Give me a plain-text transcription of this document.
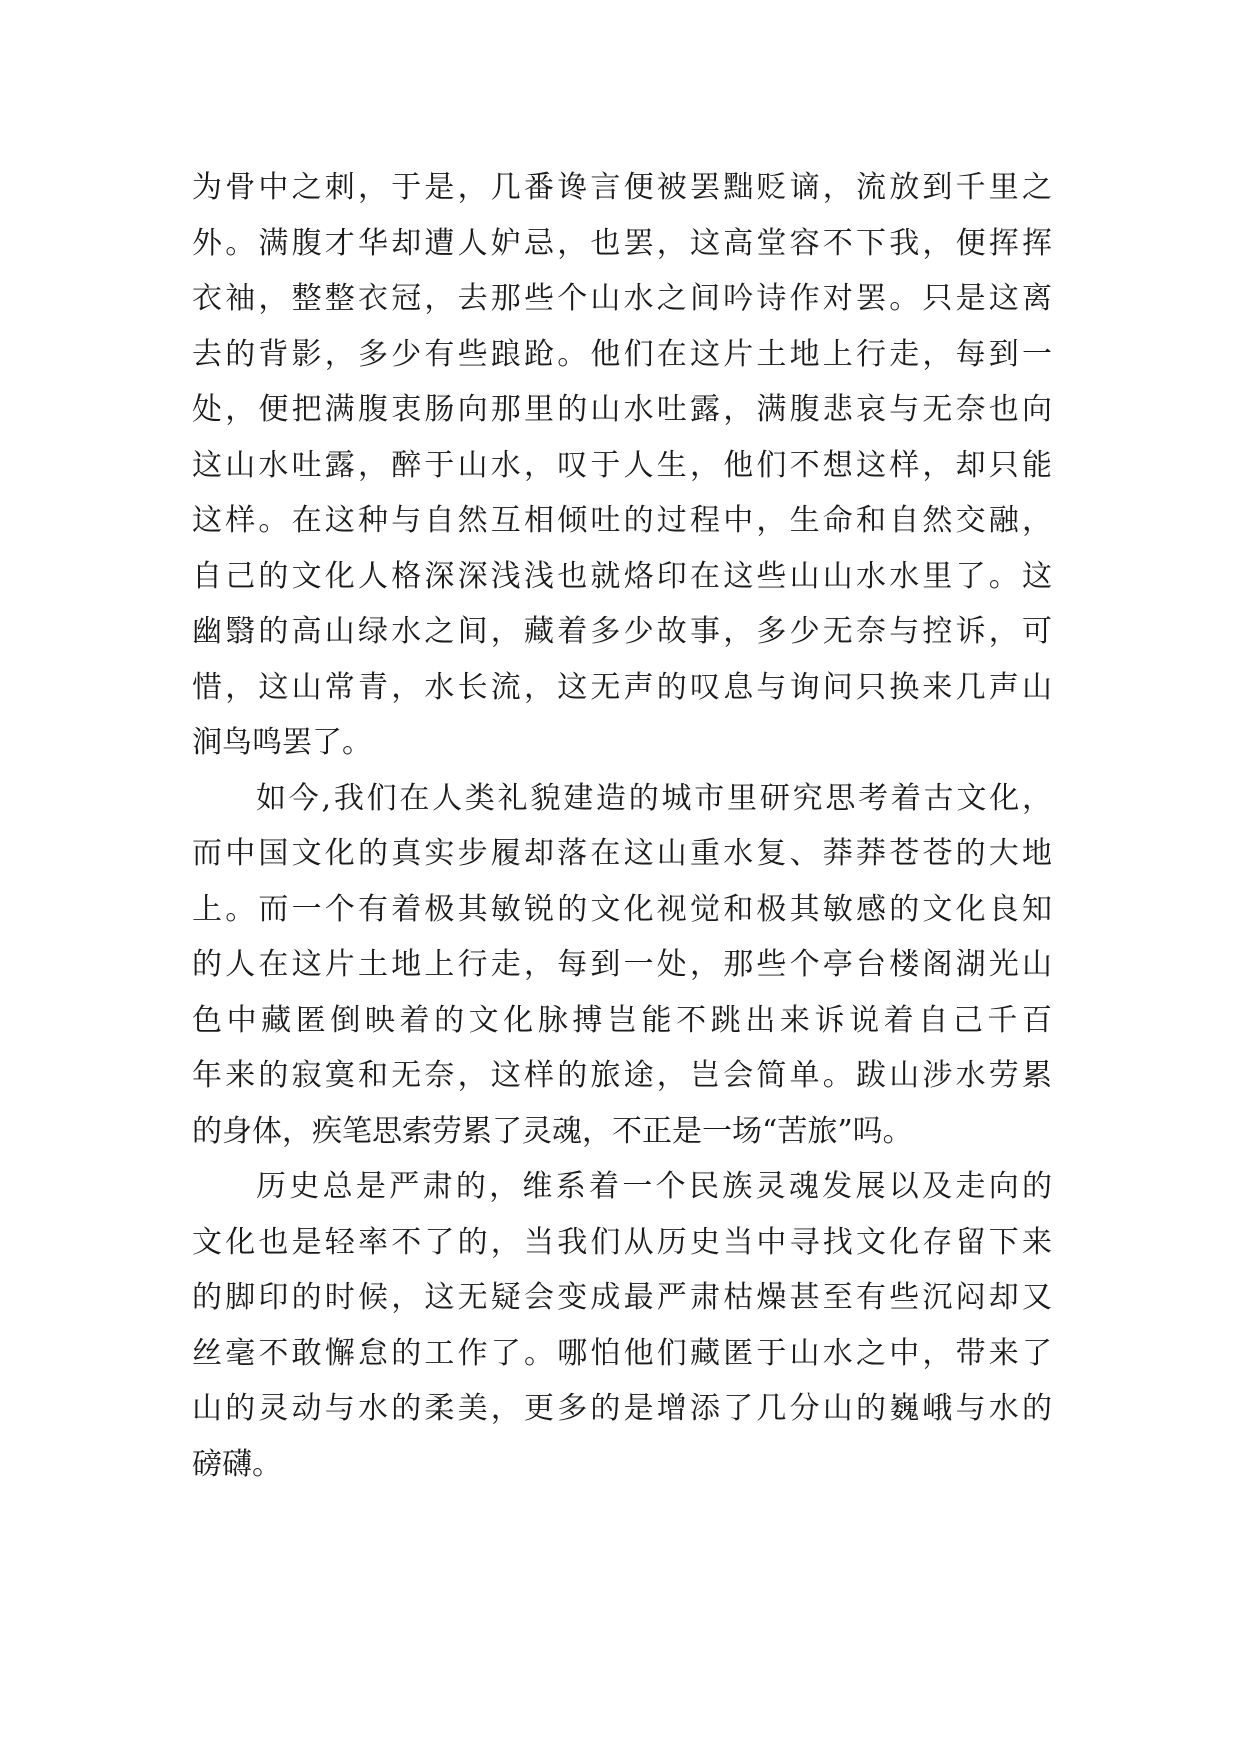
为骨中之刺，于是，几番谗言便被罢黜贬谪，流放到千里之
外。满腹才华却遭人妒忌，也罢，这高堂容不下我，便挥挥
衣袖，整整衣冠，去那些个山水之间吟诗作对罢。只是这离
去的背影，多少有些踉跄。他们在这片土地上行走，每到一
处，便把满腹衷肠向那里的山水吐露，满腹悲哀与无奈也向
这山水吐露，醉于山水，叹于人生，他们不想这样，却只能
这样。在这种与自然互相倾吐的过程中，生命和自然交融，
自己的文化人格深深浅浅也就烙印在这些山山水水里了。这
幽翳的高山绿水之间，藏着多少故事，多少无奈与控诉，可
惜，这山常青，水长流，这无声的叹息与询问只换来几声山
涧鸟鸣罢了。
如今,我们在人类礼貌建造的城市里研究思考着古文化，
而中国文化的真实步履却落在这山重水复、莽莽苍苍的大地
上。而一个有着极其敏锐的文化视觉和极其敏感的文化良知
的人在这片土地上行走，每到一处，那些个亭台楼阁湖光山
色中藏匿倒映着的文化脉搏岂能不跳出来诉说着自己千百
年来的寂寞和无奈，这样的旅途，岂会简单。跋山涉水劳累
的身体，疾笔思索劳累了灵魂，不正是一场“苦旅”吗。
历史总是严肃的，维系着一个民族灵魂发展以及走向的
文化也是轻率不了的，当我们从历史当中寻找文化存留下来
的脚印的时候，这无疑会变成最严肃枯燥甚至有些沉闷却又
丝毫不敢懈怠的工作了。哪怕他们藏匿于山水之中，带来了
山的灵动与水的柔美，更多的是增添了几分山的巍峨与水的
磅礴。
